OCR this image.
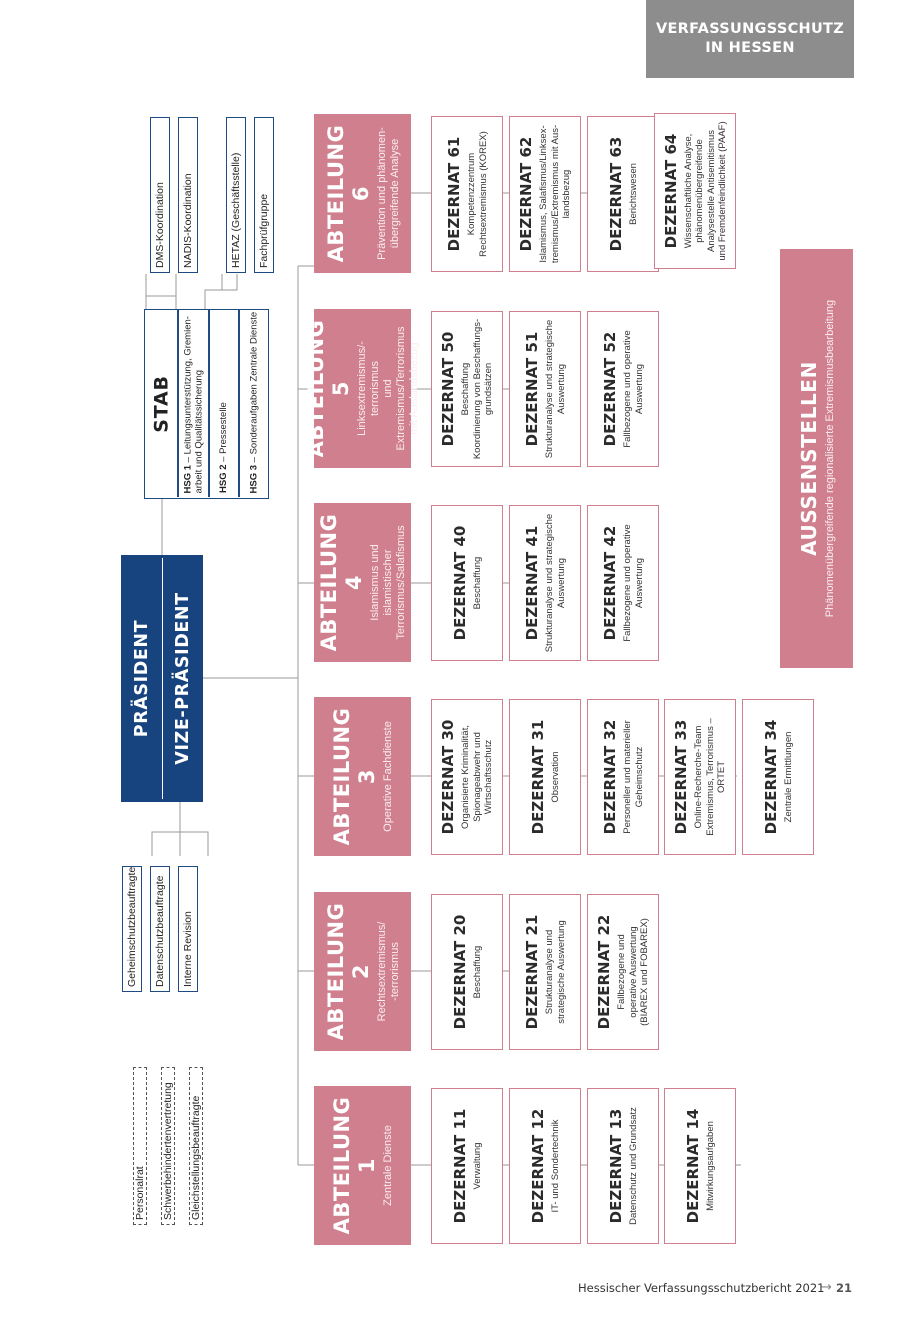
VERFASSUNGSSCHUTZ
IN HESSEN
Personalrat Schwerbehindertenvertretung Gleichstellungsbeauftragte
Geheimschutzbeauftragte Datenschutzbeauftragte Interne Revision
DMS-Koordination NADIS-Koordination	HETAZ (Geschäftsstelle) Fachprüfgruppe
PRÄSIDENT	VIZE-PRÄSIDENT
STAB
HSG 1 – Leitungsunterstützung, Gremien- arbeit und Qualitätssicherung HSG 2 – Pressestelle
HSG 3 – Sonderaufgaben Zentrale Dienste	AUSSENSTELLEN Phänomenübergreifende regionalisierte Extremismusbearbeitung
ABTEILUNG 1 Zentrale Dienste	DEZERNAT 11 Verwaltung	DEZERNAT 12 IT- und Sondertechnik	DEZERNAT 13 Datenschutz und Grundsatz	DEZERNAT 14 Mitwirkungsaufgaben
ABTEILUNG 2 Rechtsextremismus/ -terrorismus	DEZERNAT 20 Beschaffung	DEZERNAT 21 Strukturanalyse und strategische Auswertung DEZERNAT 22 Fallbezogene und operative Auswertung (BIAREX und FOBAREX)
ABTEILUNG 3 Operative Fachdienste	DEZERNAT 30 Organisierte Kriminalität, Spionageabwehr und Wirtschaftsschutz DEZERNAT 31 Observation	DEZERNAT 32 Personeller und materieller Geheimschutz DEZERNAT 33 Online-Recherche-Team Extremismus, Terrorismus – ORTET DEZERNAT 34 Zentrale Ermittlungen
ABTEILUNG 4 Islamismus und islamistischer Terrorismus/Salafismus	DEZERNAT 40 Beschaffung	DEZERNAT 41 Strukturanalyse und strategische Auswertung DEZERNAT 42 Fallbezogene und operative Auswertung
ABTEILUNG 5 Linksextremismus/-terrorismus und Extremismus/Terrorismus mit Auslandsbezug DEZERNAT 50 Beschaffung Koordinierung von Beschaffungs- grundsätzen DEZERNAT 51 Strukturanalyse und strategische Auswertung DEZERNAT 52 Fallbezogene und operative Auswertung
ABTEILUNG 6 Prävention und phänomen- übergreifende Analyse	DEZERNAT 61 Kompetenzzentrum Rechtsextremismus (KOREX) DEZERNAT 62 Islamismus, Salafismus/Linksex- tremismus/Extremismus mit Aus- landsbezug DEZERNAT 63 Berichtswesen DEZERNAT 64 Wissenschaftliche Analyse, phänomenübergreifende Analysestelle Antisemitismus und Fremdenfeindlichkeit (PAAF)
Hessischer Verfassungsschutzbericht 2021
→ 21
